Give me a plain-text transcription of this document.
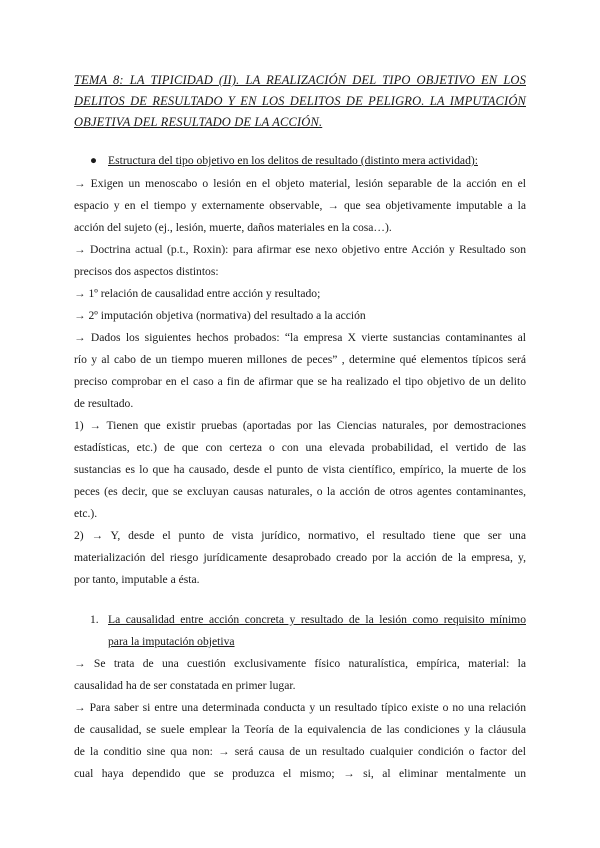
TEMA 8: LA TIPICIDAD (II). LA REALIZACIÓN DEL TIPO OBJETIVO EN LOS DELITOS DE RESULTADO Y EN LOS DELITOS DE PELIGRO. LA IMPUTACIÓN OBJETIVA DEL RESULTADO DE LA ACCIÓN.
● Estructura del tipo objetivo en los delitos de resultado (distinto mera actividad):
→ Exigen un menoscabo o lesión en el objeto material, lesión separable de la acción en el
espacio y en el tiempo y externamente observable, → que sea objetivamente imputable a la
acción del sujeto (ej., lesión, muerte, daños materiales en la cosa…).
→ Doctrina actual (p.t., Roxin): para afirmar ese nexo objetivo entre Acción y Resultado son
precisos dos aspectos distintos:
→ 1º relación de causalidad entre acción y resultado;
→ 2º imputación objetiva (normativa) del resultado a la acción
→ Dados los siguientes hechos probados: “la empresa X vierte sustancias contaminantes al
río y al cabo de un tiempo mueren millones de peces” , determine qué elementos típicos será
preciso comprobar en el caso a fin de afirmar que se ha realizado el tipo objetivo de un delito
de resultado.
1) → Tienen que existir pruebas (aportadas por las Ciencias naturales, por demostraciones
estadísticas, etc.) de que con certeza o con una elevada probabilidad, el vertido de las
sustancias es lo que ha causado, desde el punto de vista científico, empírico, la muerte de los
peces (es decir, que se excluyan causas naturales, o la acción de otros agentes contaminantes,
etc.).
2) → Y, desde el punto de vista jurídico, normativo, el resultado tiene que ser una
materialización del riesgo jurídicamente desaprobado creado por la acción de la empresa, y,
por tanto, imputable a ésta.
1. La causalidad entre acción concreta y resultado de la lesión como requisito mínimo
para la imputación objetiva
→ Se trata de una cuestión exclusivamente físico naturalística, empírica, material: la
causalidad ha de ser constatada en primer lugar.
→ Para saber si entre una determinada conducta y un resultado típico existe o no una relación
de causalidad, se suele emplear la Teoría de la equivalencia de las condiciones y la cláusula
de la conditio sine qua non: → será causa de un resultado cualquier condición o factor del
cual haya dependido que se produzca el mismo; → si, al eliminar mentalmente un
